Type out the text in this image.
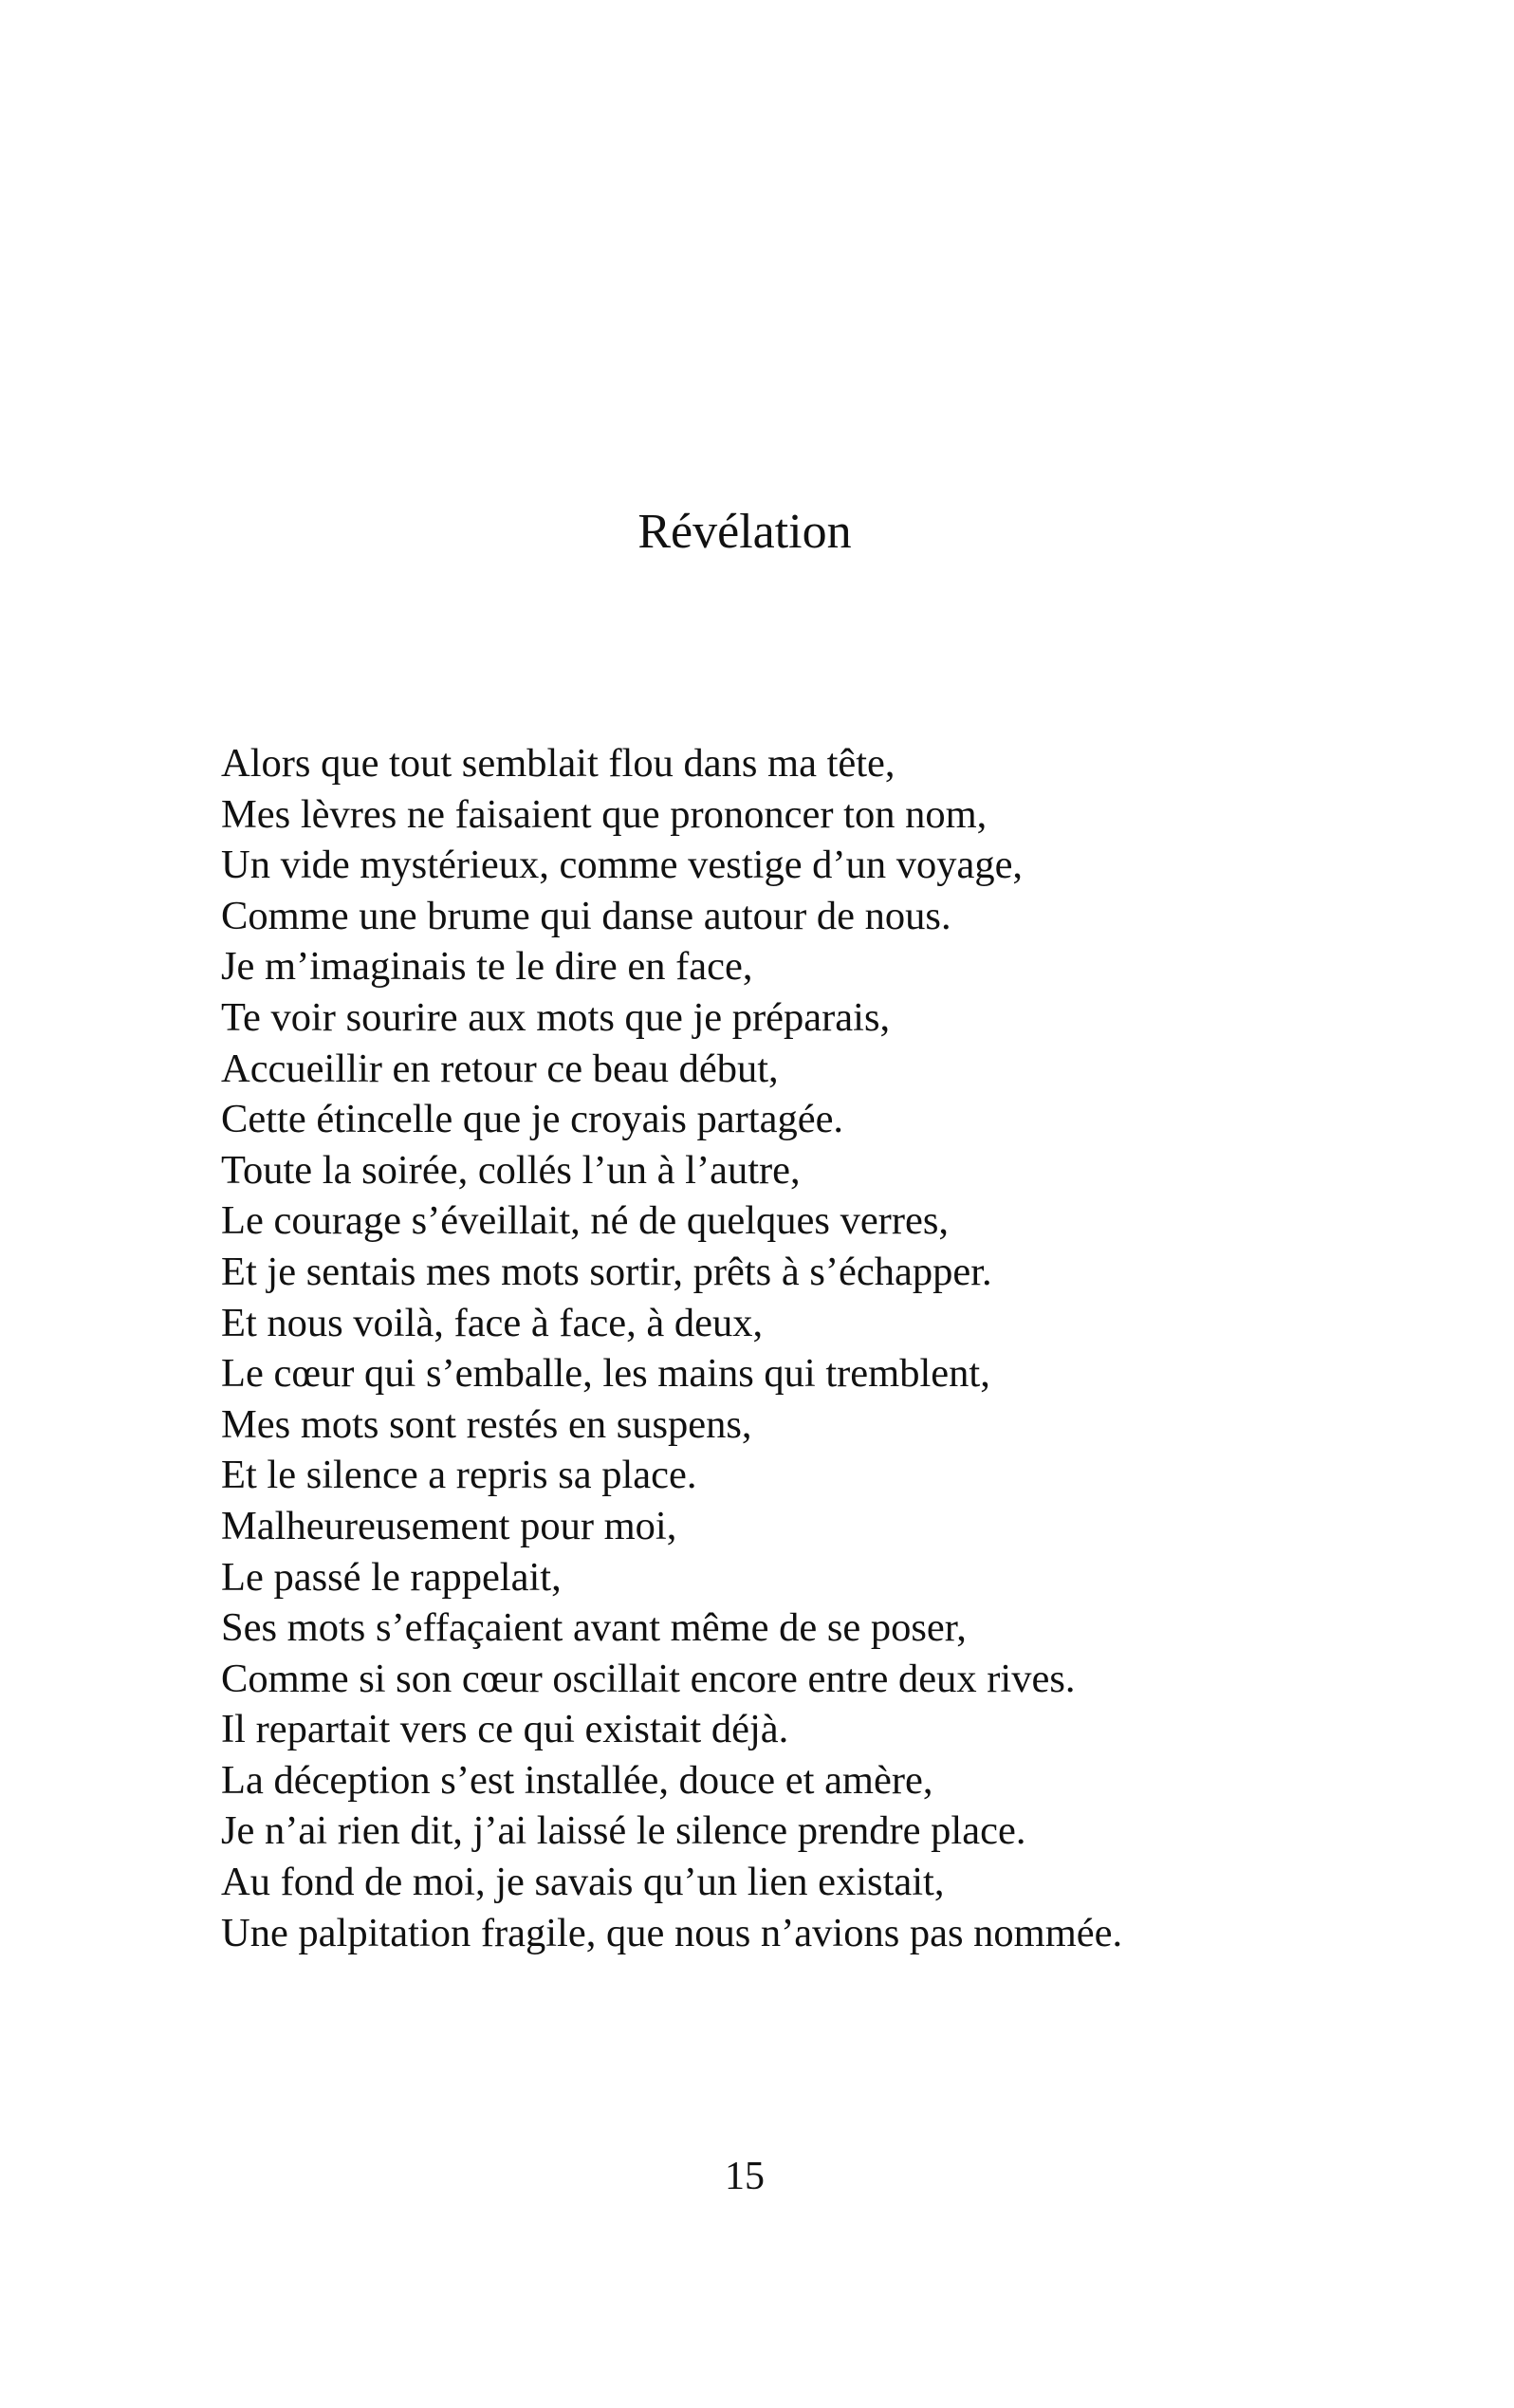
Révélation
Alors que tout semblait flou dans ma tête,
Mes lèvres ne faisaient que prononcer ton nom,
Un vide mystérieux, comme vestige d’un voyage,
Comme une brume qui danse autour de nous.
Je m’imaginais te le dire en face,
Te voir sourire aux mots que je préparais,
Accueillir en retour ce beau début,
Cette étincelle que je croyais partagée.
Toute la soirée, collés l’un à l’autre,
Le courage s’éveillait, né de quelques verres,
Et je sentais mes mots sortir, prêts à s’échapper.
Et nous voilà, face à face, à deux,
Le cœur qui s’emballe, les mains qui tremblent,
Mes mots sont restés en suspens,
Et le silence a repris sa place.
Malheureusement pour moi,
Le passé le rappelait,
Ses mots s’effaçaient avant même de se poser,
Comme si son cœur oscillait encore entre deux rives.
Il repartait vers ce qui existait déjà.
La déception s’est installée, douce et amère,
Je n’ai rien dit, j’ai laissé le silence prendre place.
Au fond de moi, je savais qu’un lien existait,
Une palpitation fragile, que nous n’avions pas nommée.
15
